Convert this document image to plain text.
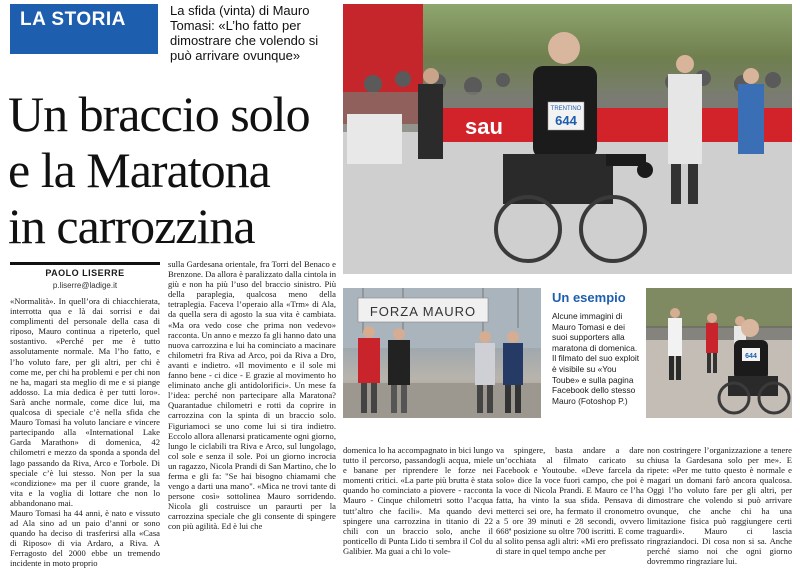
LA STORIA	La sfida (vinta) di Mauro Tomasi: «L’ho fatto per dimostrare che volendo si può arrivare ovunque»
Un braccio solo
e la Maratona
in carrozzina
PAOLO LISERRE
p.liserre@ladige.it

«Normalità». In quell’ora di chiacchierata, interrotta qua e là dai sorrisi e dai complimenti del personale della casa di riposo, Mauro continua a ripeterlo, quel sostantivo. «Perché per me è tutto assolutamente normale. Ma l’ho fatto, e l’ho voluto fare, per gli altri, per chi è come me, per chi ha problemi e per chi non ne ha, magari sta meglio di me e si piange addosso. La mia dedica è per tutti loro». Sarà anche normale, come dice lui, ma qualcosa di speciale c’è nella sfida che Mauro Tomasi ha voluto lanciare e vincere partecipando alla «International Lake Garda Marathon» di domenica, 42 chilometri e mezzo da sponda a sponda del lago passando da Riva, Arco e Torbole. Di speciale c’è lui stesso. Non per la sua «condizione» ma per il cuore grande, la vita e la voglia di lottare che non lo abbandonano mai.

Mauro Tomasi ha 44 anni, è nato e vissuto ad Ala sino ad un paio d’anni or sono quando ha deciso di trasferirsi alla «Casa di Riposo» di via Ardaro, a Riva. A Ferragosto del 2000 ebbe un tremendo incidente in moto proprio

sulla Gardesana orientale, fra Torri del Benaco e Brenzone. Da allora è paralizzato dalla cintola in giù e non ha più l’uso del braccio sinistro. Più della paraplegia, qualcosa meno della tetraplegia. Faceva l’operaio alla «Trm» di Ala, da quella sera di agosto la sua vita è cambiata. «Ma ora vedo cose che prima non vedevo» racconta. Un anno e mezzo fa gli hanno dato una nuova carrozzina e lui ha cominciato a macinare chilometri fra Riva ad Arco, poi da Riva a Dro, avanti e indietro. «Il movimento e il sole mi fanno bene - ci dice - E grazie al movimento ho eliminato anche gli antidolorifici». Un mese fa l’idea: perché non partecipare alla Maratona? Quarantadue chilometri e rotti da coprire in carrozzina con la spinta di un braccio solo. Figuriamoci se uno come lui si tira indietro. Eccolo allora allenarsi praticamente ogni giorno, lungo le ciclabili tra Riva e Arco, sul lungolago, col sole e senza il sole. Poi un giorno incrocia un ragazzo, Nicola Prandi di San Martino, che lo ferma e gli fa: "Se hai bisogno chiamami che vengo a darti una mano". «Mica ne trovi tante di persone così» sottolinea Mauro sorridendo. Nicola gli costruisce un paraurti per la carrozzina speciale che gli consente di spingere con più agilità. Ed è lui che

sau
TRENTINO
644
FORZA MAURO
Un esempio
Alcune immagini di Mauro Tomasi e dei suoi supporters alla maratona di domenica. Il filmato del suo exploit è visibile su «You Toube» e sulla pagina Facebook dello stesso Mauro (Fotoshop P.)
644

domenica lo ha accompagnato in bici lungo tutto il percorso, passandogli acqua, miele e banane per riprendere le forze nei momenti critici. «La parte più brutta è stata quando ho cominciato a piovere - racconta Mauro - Cinque chilometri sotto l’acqua tutt’altro che facili». Ma quando devi spingere una carrozzina in titanio di 22 chili con un braccio solo, anche il ponticello di Punta Lido ti sembra il Col du Galibier. Ma guai a chi lo vole-

va spingere, basta andare a dare un’occhiata al filmato caricato su Facebook e Youtoube. «Deve farcela da solo» dice la voce fuori campo, che poi è la voce di Nicola Prandi. E Mauro ce l’ha fatta, ha vinto la sua sfida. Pensava di metterci sei ore, ha fermato il cronometro a 5 ore 39 minuti e 28 secondi, ovvero 668ª posizione su oltre 700 iscritti. E come al solito pensa agli altri: «Mi ero prefissato di stare in quel tempo anche per

non costringere l’organizzazione a tenere chiusa la Gardesana solo per me». E ripete: «Per me tutto questo è normale e magari un domani farò ancora qualcosa. Oggi l’ho voluto fare per gli altri, per dimostrare che volendo si può arrivare ovunque, che anche chi ha una limitazione fisica può raggiungere certi traguardi». Mauro ci lascia ringraziandoci. Di cosa non si sa. Anche perché siamo noi che ogni giorno dovremmo ringraziare lui.
